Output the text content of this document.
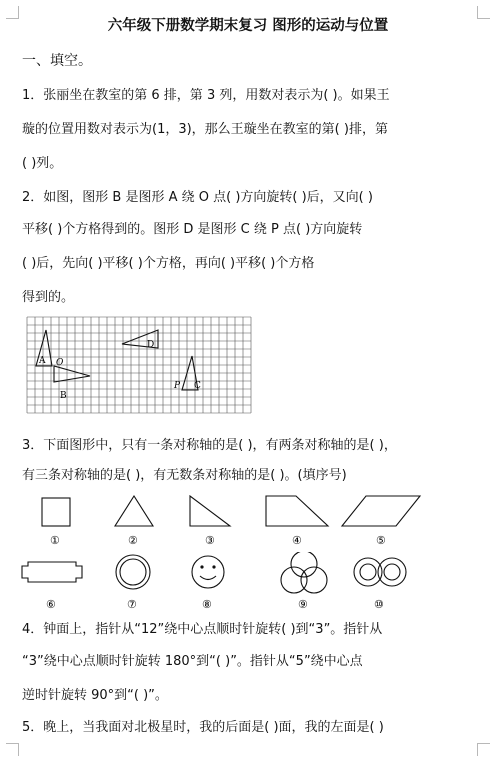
六年级下册数学期末复习 图形的运动与位置
一、填空。
1．张丽坐在教室的第 6 排，第 3 列，用数对表示为( )。如果王
璇的位置用数对表示为(1，3)，那么王璇坐在教室的第( )排，第
( )列。
2．如图，图形 B 是图形 A 绕 O 点( )方向旋转( )后，又向( )
平移( )个方格得到的。图形 D 是图形 C 绕 P 点( )方向旋转
( )后，先向( )平移( )个方格，再向( )平移( )个方格
得到的。
A O
B
D
P C
3．下面图形中，只有一条对称轴的是( )，有两条对称轴的是( )，
有三条对称轴的是( )，有无数条对称轴的是( )。(填序号)
①	②	③	④	⑤
⑥	⑦	⑧	⑨	⑩
4．钟面上，指针从“12”绕中心点顺时针旋转( )到“3”。指针从
“3”绕中心点顺时针旋转 180°到“( )”。指针从“5”绕中心点
逆时针旋转 90°到“( )”。
5．晚上，当我面对北极星时，我的后面是( )面，我的左面是( )
